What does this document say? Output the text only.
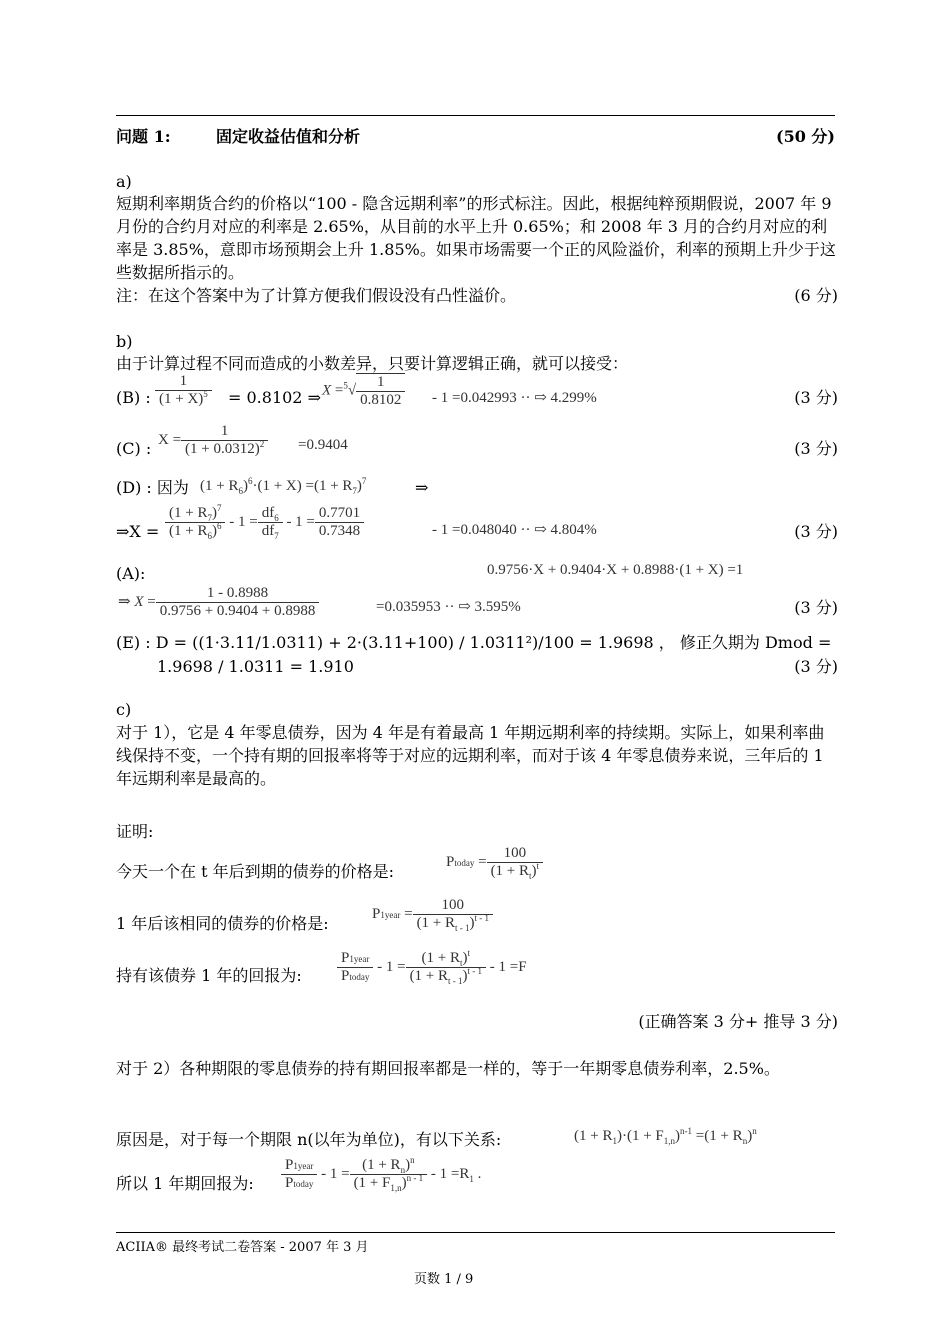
问题 1:	固定收益估值和分析	(50 分)
a)
短期利率期货合约的价格以“100 - 隐含远期利率”的形式标注。因此，根据纯粹预期假说，2007 年 9 月份的合约月对应的利率是 2.65%，从目前的水平上升 0.65%；和 2008 年 3 月的合约月对应的利率是 3.85%，意即市场预期会上升 1.85%。如果市场需要一个正的风险溢价，利率的预期上升少于这些数据所指示的。
注：在这个答案中为了计算方便我们假设没有凸性溢价。	(6 分)
b)
由于计算过程不同而造成的小数差异，只要计算逻辑正确，就可以接受：
(B) : $\frac{1}{(1 + X)^5} = 0.8102$ ⇒ $X =^5√ \frac{1}{0.8102} - 1 =0.042993$ ·· ⇨ 4.299%	(3 分)
(C) : $X = \frac{1}{(1 + 0.0312)^2} =0.9404$	(3 分)
(D) : 因为 $(1 + R_6)^6\cdot(1 + X) =(1 + R_7)^7$	⇒
⇒X = $\frac{(1 + R_7)^7}{(1 + R_6)^6} - 1 = \frac{df_6}{df_7} - 1 = \frac{0.7701}{0.7348}$	- 1 =0.048040 ·· ⇨ 4.804%	(3 分)
(A):	0.9756·X + 0.9404·X + 0.8988·(1 + X) =1
⇒ $X = \frac{1 - 0.8988}{0.9756 + 0.9404 + 0.8988}$	=0.035953 ·· ⇨ 3.595%	(3 分)
(E) : D = ((1·3.11/1.0311) + 2·(3.11+100) / 1.0311²)/100 = 1.9698 ， 修正久期为 Dmod =
1.9698 / 1.0311 = 1.910	(3 分)
c)
对于 1），它是 4 年零息债券，因为 4 年是有着最高 1 年期远期利率的持续期。实际上，如果利率曲线保持不变，一个持有期的回报率将等于对应的远期利率，而对于该 4 年零息债券来说，三年后的 1 年远期利率是最高的。
证明:
今天一个在 t 年后到期的债券的价格是:
Ptoday = $\frac{100}{(1 + R_t)^t}$
1 年后该相同的债券的价格是:
P1year = $\frac{100}{(1 + R_{t - 1})^{t - 1}}$
持有该债券 1 年的回报为: $\frac{\text{P1year}}{\text{Ptoday}} - 1 = \frac{(1 + R_t)^t}{(1 + R_{t - 1})^{t - 1}} - 1 =F$
(正确答案 3 分+ 推导 3 分)
对于 2）各种期限的零息债券的持有期回报率都是一样的，等于一年期零息债券利率，2.5%。
原因是，对于每一个期限 n(以年为单位)，有以下关系:	$(1 + R_1)\cdot(1 + F_{1,n})^{n-1} =(1 + R_n)^n$
所以 1 年期回报为: $\frac{\text{P1year}}{\text{Ptoday}} - 1 = \frac{(1 + R_n)^n}{(1 + F_{1,n})^{n - 1}} - 1 =R_1$ .
ACIIA® 最终考试二卷答案 - 2007 年 3 月
页数 1 / 9
